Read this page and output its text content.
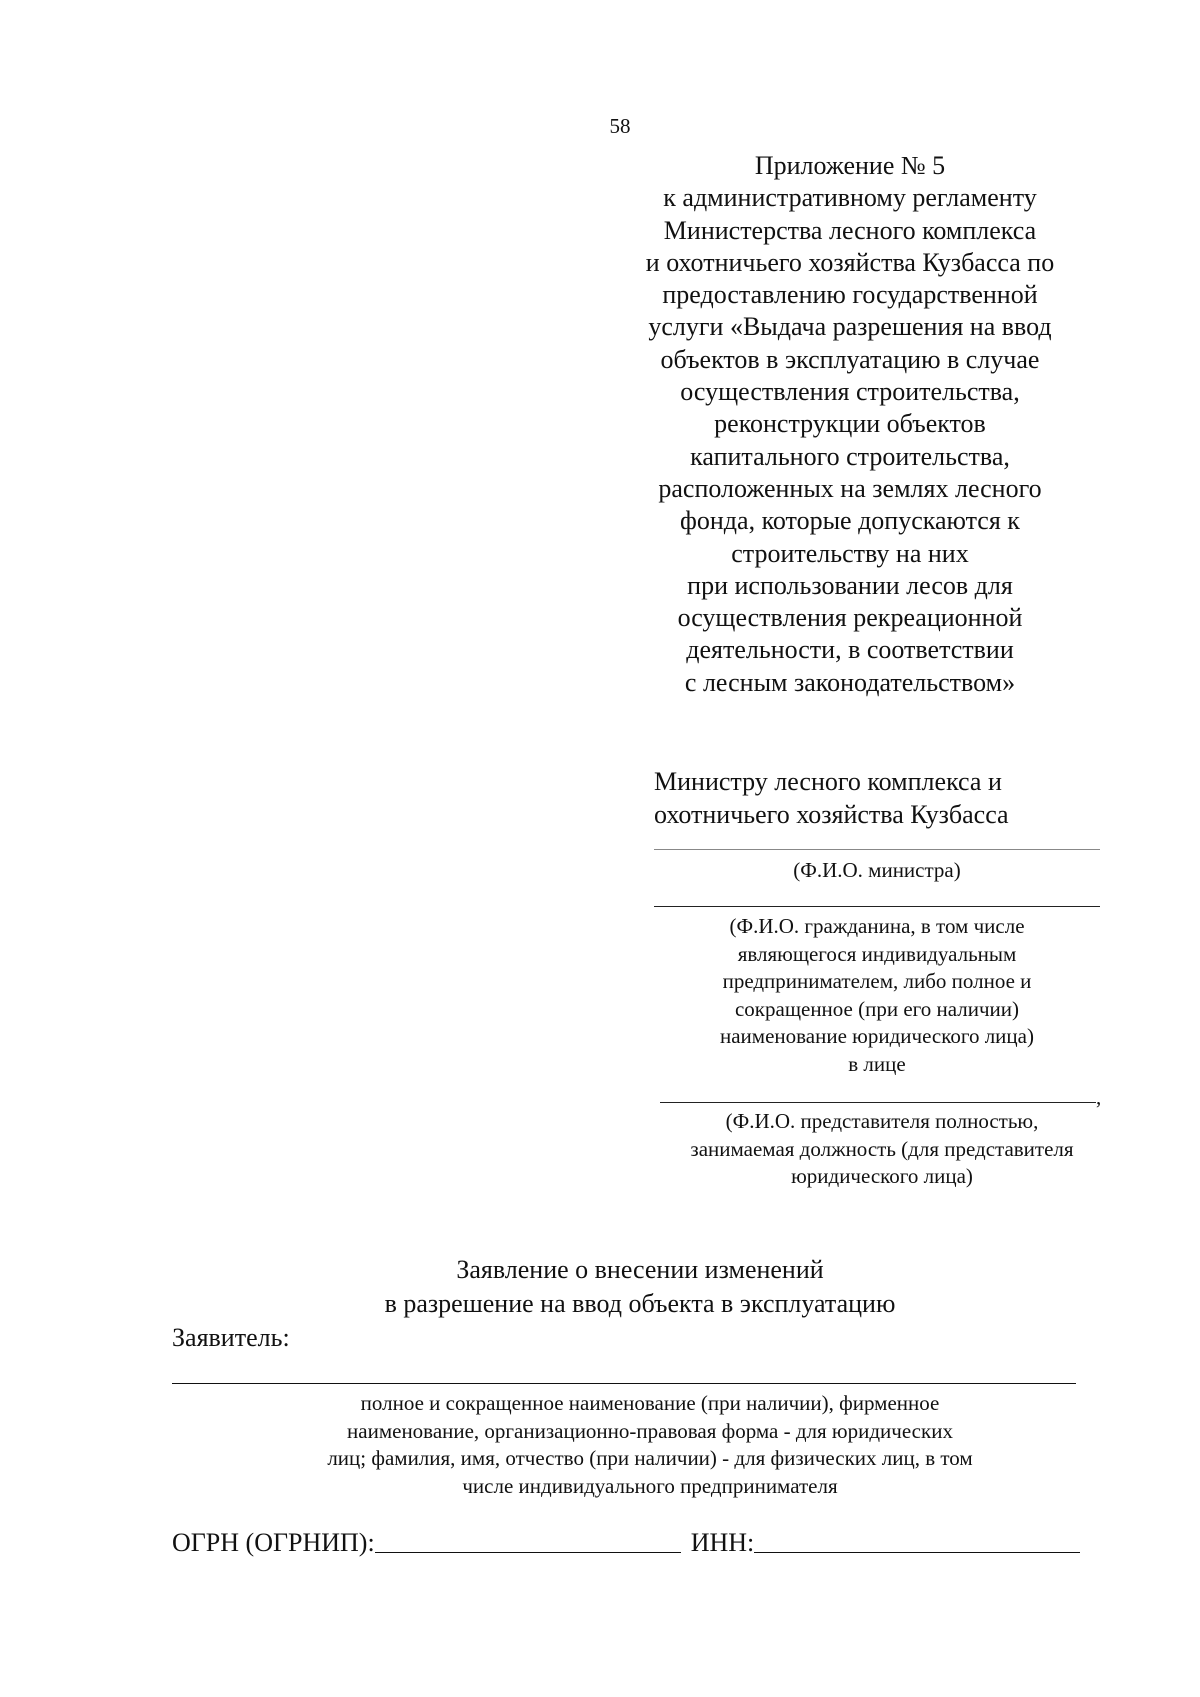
58
Приложение № 5
к административному регламенту
Министерства лесного комплекса
и охотничьего хозяйства Кузбасса по
предоставлению государственной
услуги «Выдача разрешения на ввод
объектов в эксплуатацию в случае
осуществления строительства,
реконструкции объектов
капитального строительства,
расположенных на землях лесного
фонда, которые допускаются к
строительству на них
при использовании лесов для
осуществления рекреационной
деятельности, в соответствии
с лесным законодательством»
Министру лесного комплекса и
охотничьего хозяйства Кузбасса
(Ф.И.О. министра)
(Ф.И.О. гражданина, в том числе
являющегося индивидуальным
предпринимателем, либо полное и
сокращенное (при его наличии)
наименование юридического лица)
в лице
,
(Ф.И.О. представителя полностью,
занимаемая должность (для представителя
юридического лица)
Заявление о внесении изменений
в разрешение на ввод объекта в эксплуатацию
Заявитель:
полное и сокращенное наименование (при наличии), фирменное
наименование, организационно-правовая форма - для юридических
лиц; фамилия, имя, отчество (при наличии) - для физических лиц, в том
числе индивидуального предпринимателя
ОГРН (ОГРНИП):	ИНН:
